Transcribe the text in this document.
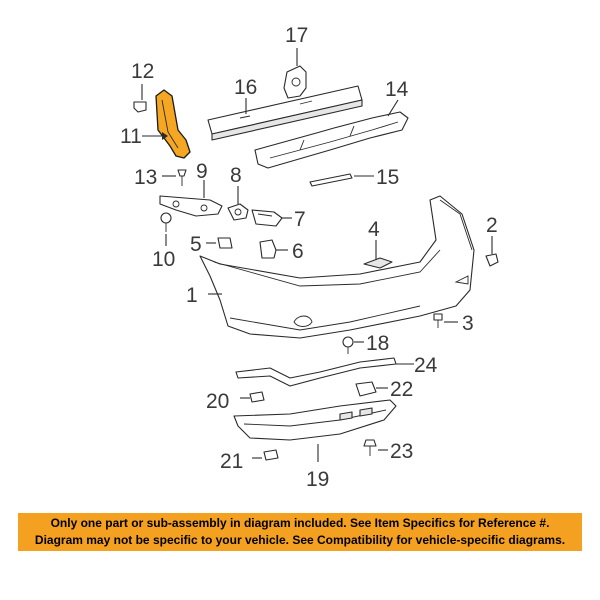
17
16	14
15
12
11
13 9
10
8
7
5	6
1
4	2
3
18
24
22
20
19
23
21
Only one part or sub-assembly in diagram included. See Item Specifics for Reference #.
Diagram may not be specific to your vehicle. See Compatibility for vehicle-specific diagrams.
